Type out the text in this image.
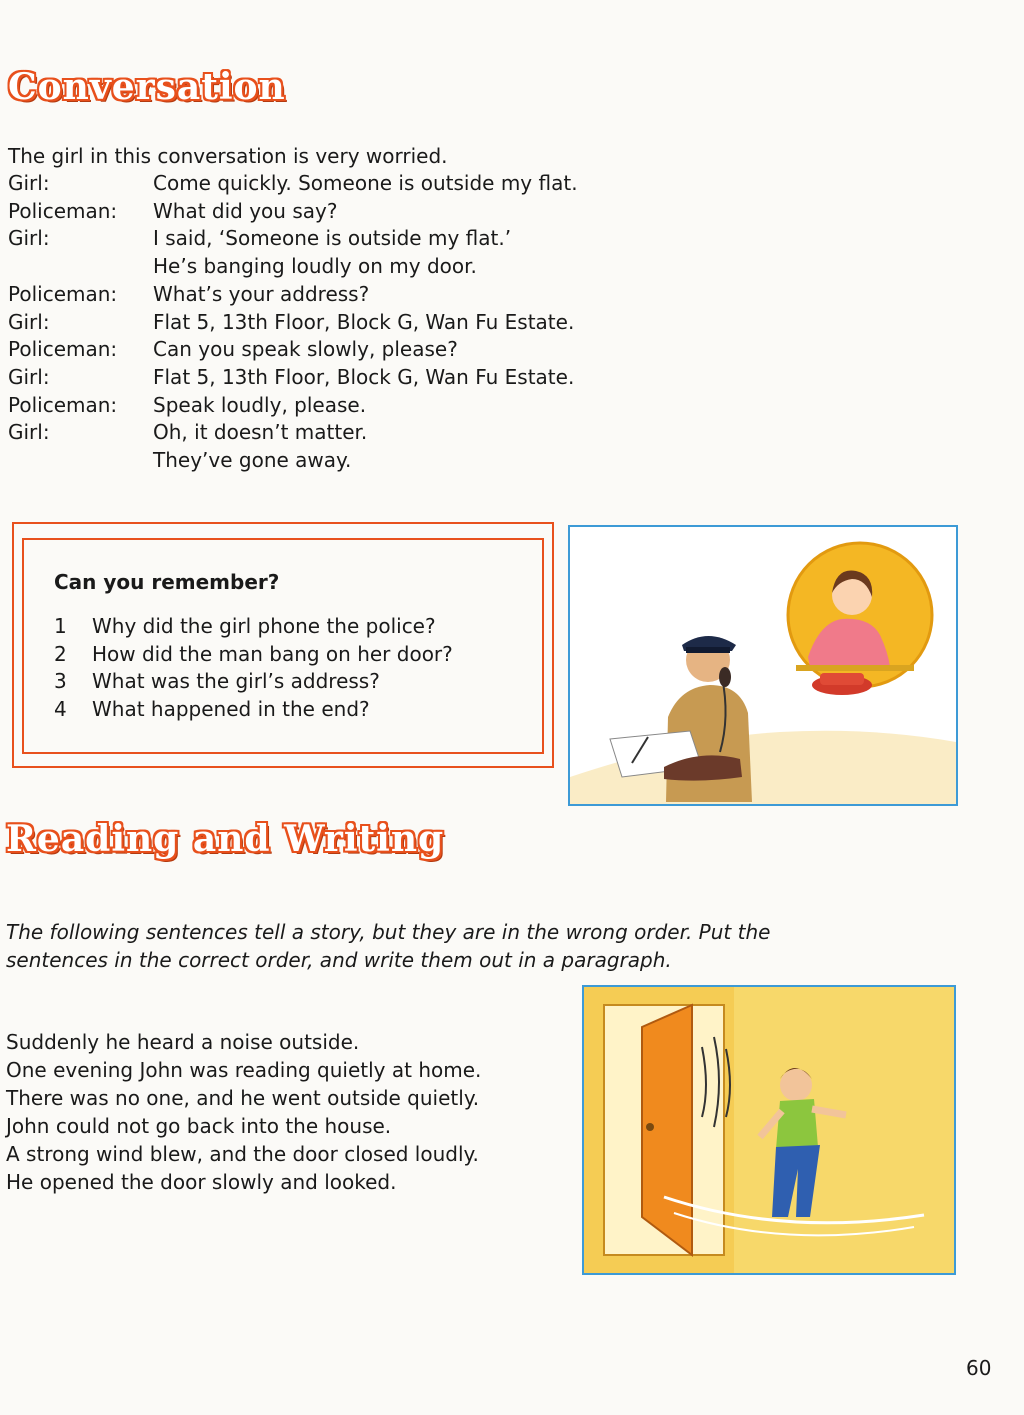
Conversation
The girl in this conversation is very worried.
Girl:	Come quickly. Someone is outside my flat.
Policeman:	What did you say?
Girl:	I said, ‘Someone is outside my flat.’
He’s banging loudly on my door.
Policeman:	What’s your address?
Girl:	Flat 5, 13th Floor, Block G, Wan Fu Estate.
Policeman:	Can you speak slowly, please?
Girl:	Flat 5, 13th Floor, Block G, Wan Fu Estate.
Policeman:	Speak loudly, please.
Girl:	Oh, it doesn’t matter.
They’ve gone away.
Can you remember?
1	Why did the girl phone the police?
2	How did the man bang on her door?
3	What was the girl’s address?
4	What happened in the end?
Reading and Writing
The following sentences tell a story, but they are in the wrong order. Put the
sentences in the correct order, and write them out in a paragraph.
Suddenly he heard a noise outside.
One evening John was reading quietly at home.
There was no one, and he went outside quietly.
John could not go back into the house.
A strong wind blew, and the door closed loudly.
He opened the door slowly and looked.
60
